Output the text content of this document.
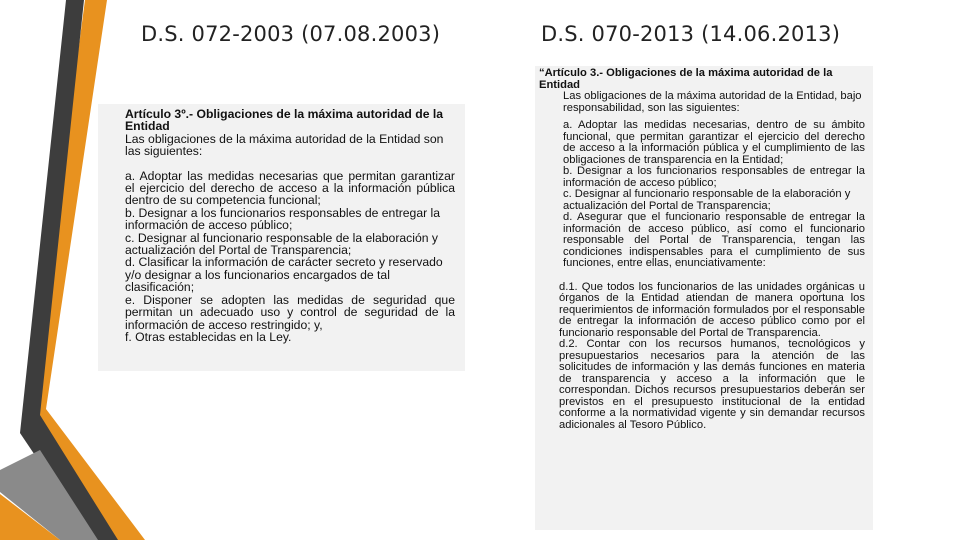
D.S. 072-2003 (07.08.2003)	D.S. 070-2013 (14.06.2013)

Artículo 3º.- Obligaciones de la máxima autoridad de la Entidad

Las obligaciones de la máxima autoridad de la Entidad son las siguientes:

a. Adoptar las medidas necesarias que permitan garantizar el ejercicio del derecho de acceso a la información pública dentro de su competencia funcional;

b. Designar a los funcionarios responsables de entregar la información de acceso público;

c. Designar al funcionario responsable de la elaboración y actualización del Portal de Transparencia;

d. Clasificar la información de carácter secreto y reservado y/o designar a los funcionarios encargados de tal clasificación;

e. Disponer se adopten las medidas de seguridad que permitan un adecuado uso y control de seguridad de la información de acceso restringido; y,

f. Otras establecidas en la Ley.

“Artículo 3.- Obligaciones de la máxima autoridad de la Entidad

Las obligaciones de la máxima autoridad de la Entidad, bajo responsabilidad, son las siguientes:

a. Adoptar las medidas necesarias, dentro de su ámbito funcional, que permitan garantizar el ejercicio del derecho de acceso a la información pública y el cumplimiento de las obligaciones de transparencia en la Entidad;

b. Designar a los funcionarios responsables de entregar la información de acceso público;

c. Designar al funcionario responsable de la elaboración y actualización del Portal de Transparencia;

d. Asegurar que el funcionario responsable de entregar la información de acceso público, así como el funcionario responsable del Portal de Transparencia, tengan las condiciones indispensables para el cumplimiento de sus funciones, entre ellas, enunciativamente:

d.1. Que todos los funcionarios de las unidades orgánicas u órganos de la Entidad atiendan de manera oportuna los requerimientos de información formulados por el responsable de entregar la información de acceso público como por el funcionario responsable del Portal de Transparencia.

d.2. Contar con los recursos humanos, tecnológicos y presupuestarios necesarios para la atención de las solicitudes de información y las demás funciones en materia de transparencia y acceso a la información que le correspondan. Dichos recursos presupuestarios deberán ser previstos en el presupuesto institucional de la entidad conforme a la normatividad vigente y sin demandar recursos adicionales al Tesoro Público.
